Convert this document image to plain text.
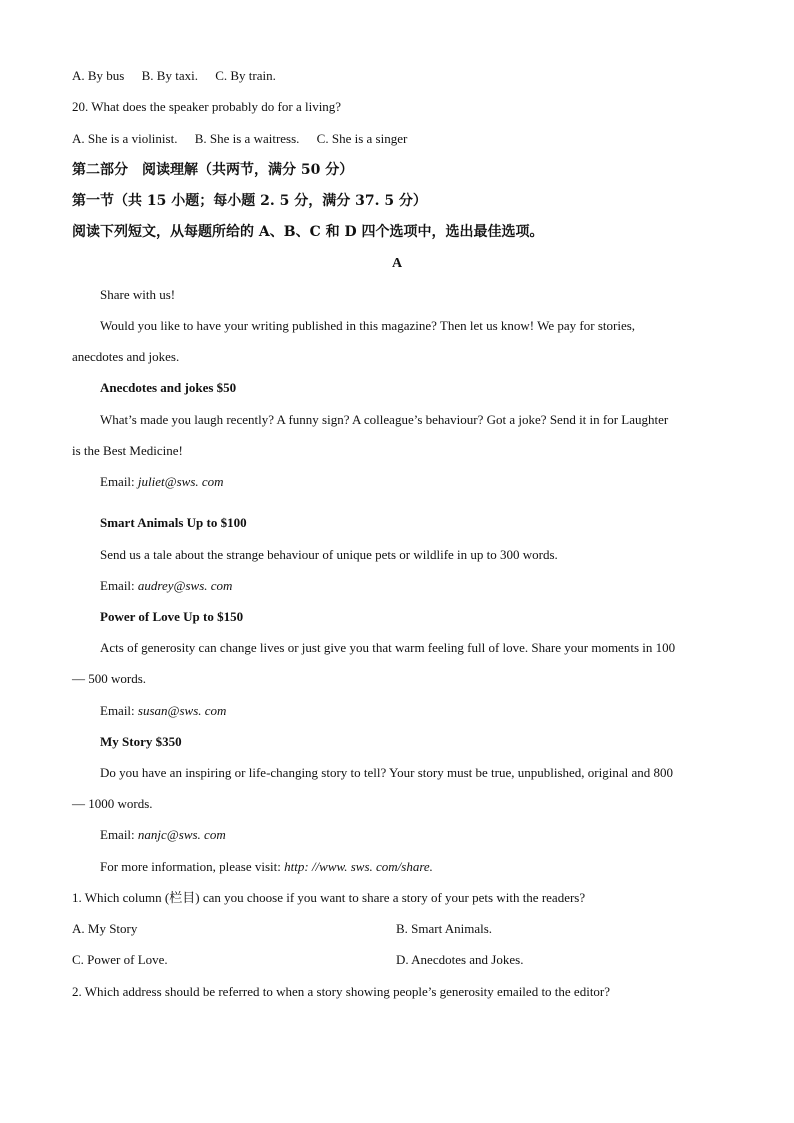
A. By bus B. By taxi. C. By train.
20. What does the speaker probably do for a living?
A. She is a violinist. B. She is a waitress. C. She is a singer
第二部分　阅读理解（共两节，满分 50 分）
第一节（共 15 小题；每小题 2. 5 分，满分 37. 5 分）
阅读下列短文，从每题所给的 A、B、C 和 D 四个选项中，选出最佳选项。
A
Share with us!
Would you like to have your writing published in this magazine? Then let us know! We pay for stories,
anecdotes and jokes.
Anecdotes and jokes $50
What’s made you laugh recently? A funny sign? A colleague’s behaviour? Got a joke? Send it in for Laughter
is the Best Medicine!
Email: juliet@sws. com
Smart Animals Up to $100
Send us a tale about the strange behaviour of unique pets or wildlife in up to 300 words.
Email: audrey@sws. com
Power of Love Up to $150
Acts of generosity can change lives or just give you that warm feeling full of love. Share your moments in 100
— 500 words.
Email: susan@sws. com
My Story $350
Do you have an inspiring or life-changing story to tell? Your story must be true, unpublished, original and 800
— 1000 words.
Email: nanjc@sws. com
For more information, please visit: http: //www. sws. com/share.
1. Which column (栏目) can you choose if you want to share a story of your pets with the readers?
A. My Story	B. Smart Animals.
C. Power of Love.	D. Anecdotes and Jokes.
2. Which address should be referred to when a story showing people’s generosity emailed to the editor?
